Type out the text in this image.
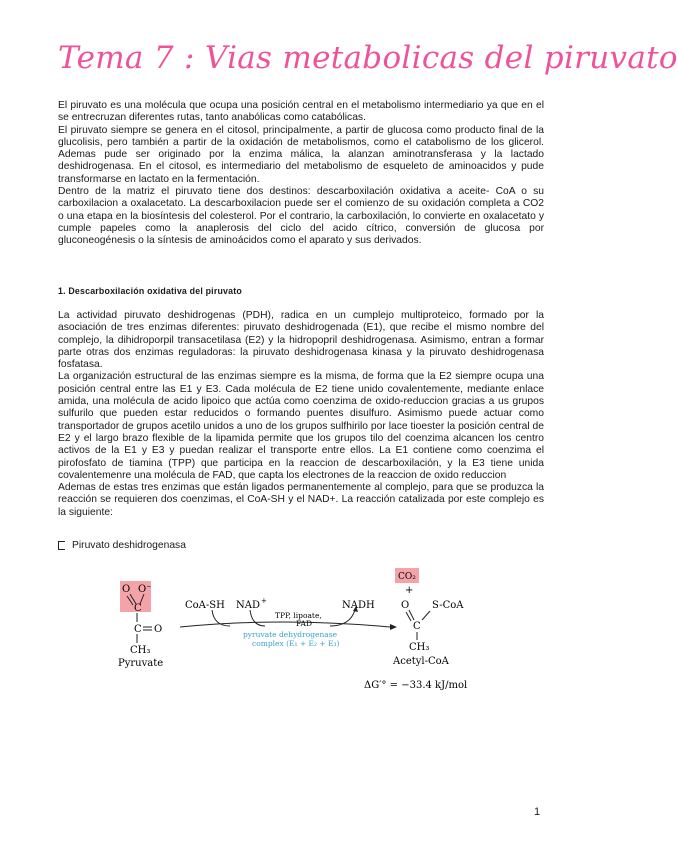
Tema 7 : Vias metabolicas del piruvato

El piruvato es una molécula que ocupa una posición central en el metabolismo intermediario ya que en el se entrecruzan diferentes rutas, tanto anabólicas como catabólicas.

El piruvato siempre se genera en el citosol, principalmente, a partir de glucosa como producto final de la glucolisis, pero también a partir de la oxidación de metabolismos, como el catabolismo de los glicerol. Ademas pude ser originado por la enzima málica, la alanzan aminotransferasa y la lactado deshidrogenasa. En el citosol, es intermediario del metabolismo de esqueleto de aminoacidos y pude transformarse en lactato en la fermentación.

Dentro de la matriz el piruvato tiene dos destinos: descarboxilación oxidativa a aceite- CoA o su carboxilacion a oxalacetato. La descarboxilacion puede ser el comienzo de su oxidación completa a CO2 o una etapa en la biosíntesis del colesterol. Por el contrario, la carboxilación, lo convierte en oxalacetato y cumple papeles como la anaplerosis del ciclo del acido cítrico, conversión de glucosa por gluconeogénesis o la síntesis de aminoácidos como el aparato y sus derivados.

1. Descarboxilación oxidativa del piruvato

La actividad piruvato deshidrogenas (PDH), radica en un cumplejo multiproteico, formado por la asociación de tres enzimas diferentes: piruvato deshidrogenada (E1), que recibe el mismo nombre del complejo, la dihidroporpil transacetilasa (E2) y la hidropopril deshidrogenasa. Asimismo, entran a formar parte otras dos enzimas reguladoras: la piruvato deshidrogenasa kinasa y la piruvato deshidrogenasa fosfatasa.

La organización estructural de las enzimas siempre es la misma, de forma que la E2 siempre ocupa una posición central entre las E1 y E3. Cada molécula de E2 tiene unido covalentemente, mediante enlace amida, una molécula de acido lipoico que actúa como coenzima de oxido-reduccion gracias a us grupos sulfurilo que pueden estar reducidos o formando puentes disulfuro. Asimismo puede actuar como transportador de grupos acetilo unidos a uno de los grupos sulfhirilo por lace tioester la posición central de E2 y el largo brazo flexible de la lipamida permite que los grupos tilo del coenzima alcancen los centro activos de la E1 y E3 y puedan realizar el transporte entre ellos. La E1 contiene como coenzima el pirofosfato de tiamina (TPP) que participa en la reaccion de descarboxilación, y la E3 tiene unida covalentemenre una molécula de FAD, que capta los electrones de la reaccion de oxido reduccion

Ademas de estas tres enzimas que están ligados permanentemente al complejo, para que se produzca la reacción se requieren dos coenzimas, el CoA-SH y el NAD+. La reacción catalizada por este complejo es la siguiente:

Piruvato deshidrogenasa
O O⁻
C
C O
CH₃
Pyruvate
CoA-SH NAD +	NADH
TPP, lipoate,
FAD
pyruvate dehydrogenase
complex (E₁ + E₂ + E₃)
CO₂
+
O S-CoA
C
CH₃
Acetyl-CoA
ΔG′° = −33.4 kJ/mol
1
